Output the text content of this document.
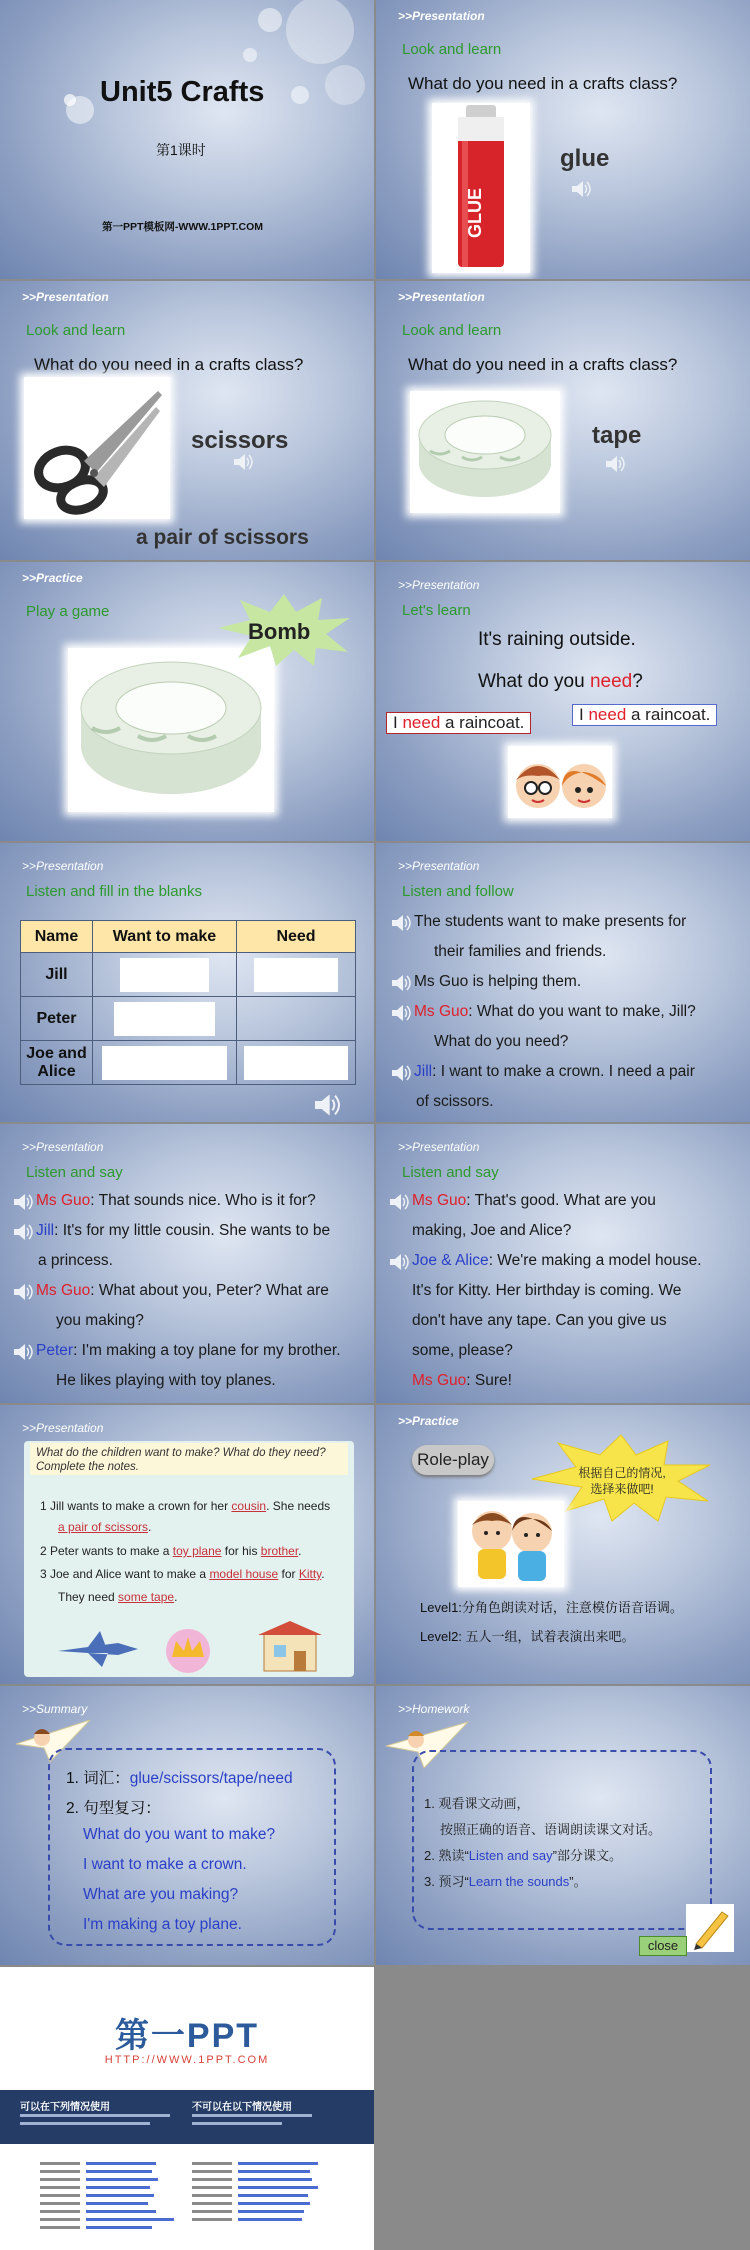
Unit5 Crafts
第1课时
第一PPT模板网-WWW.1PPT.COM
>>Presentation
Look and learn
What do you need in a crafts class?
GLUE
glue
>>Presentation
Look and learn
What do you need in a crafts class?
scissors
a pair of scissors
>>Presentation
Look and learn
What do you need in a crafts class?
tape
>>Practice
Play a game
Bomb
>>Presentation
Let's learn
It's raining outside.
What do you need?
I need a raincoat.	I need a raincoat.
>>Presentation
Listen and fill in the blanks
Name	Want to make	Need
Jill		
Peter		
Joe and Alice		
>>Presentation
Listen and follow
The students want to make presents for
their families and friends.
Ms Guo is helping them.
Ms Guo: What do you want to make, Jill?
What do you need?
Jill: I want to make a crown. I need a pair
of scissors.
>>Presentation
Listen and say
Ms Guo: That sounds nice. Who is it for?
Jill: It's for my little cousin. She wants to be
a princess.
Ms Guo: What about you, Peter? What are
you making?
Peter: I'm making a toy plane for my brother.
He likes playing with toy planes.
>>Presentation
Listen and say
Ms Guo: That's good. What are you
making, Joe and Alice?
Joe & Alice: We're making a model house.
It's for Kitty. Her birthday is coming. We
don't have any tape. Can you give us
some, please?
Ms Guo: Sure!
>>Presentation
What do the children want to make? What do they need?
Complete the notes.
1 Jill wants to make a crown for her cousin. She needs
a pair of scissors.
2 Peter wants to make a toy plane for his brother.
3 Joe and Alice want to make a model house for Kitty.
They need some tape.
>>Practice
Role-play
根据自己的情况,
选择来做吧!
Level1:分角色朗读对话，注意模仿语音语调。
Level2: 五人一组，试着表演出来吧。
>>Summary
1. 词汇：glue/scissors/tape/need
2. 句型复习：
What do you want to make?
I want to make a crown.
What are you making?
I'm making a toy plane.
>>Homework
1. 观看课文动画，
按照正确的语音、语调朗读课文对话。
2. 熟读“Listen and say”部分课文。
3. 预习“Learn the sounds”。
close
第一PPT
HTTP://WWW.1PPT.COM
可以在下列情况使用	不可以在以下情况使用
